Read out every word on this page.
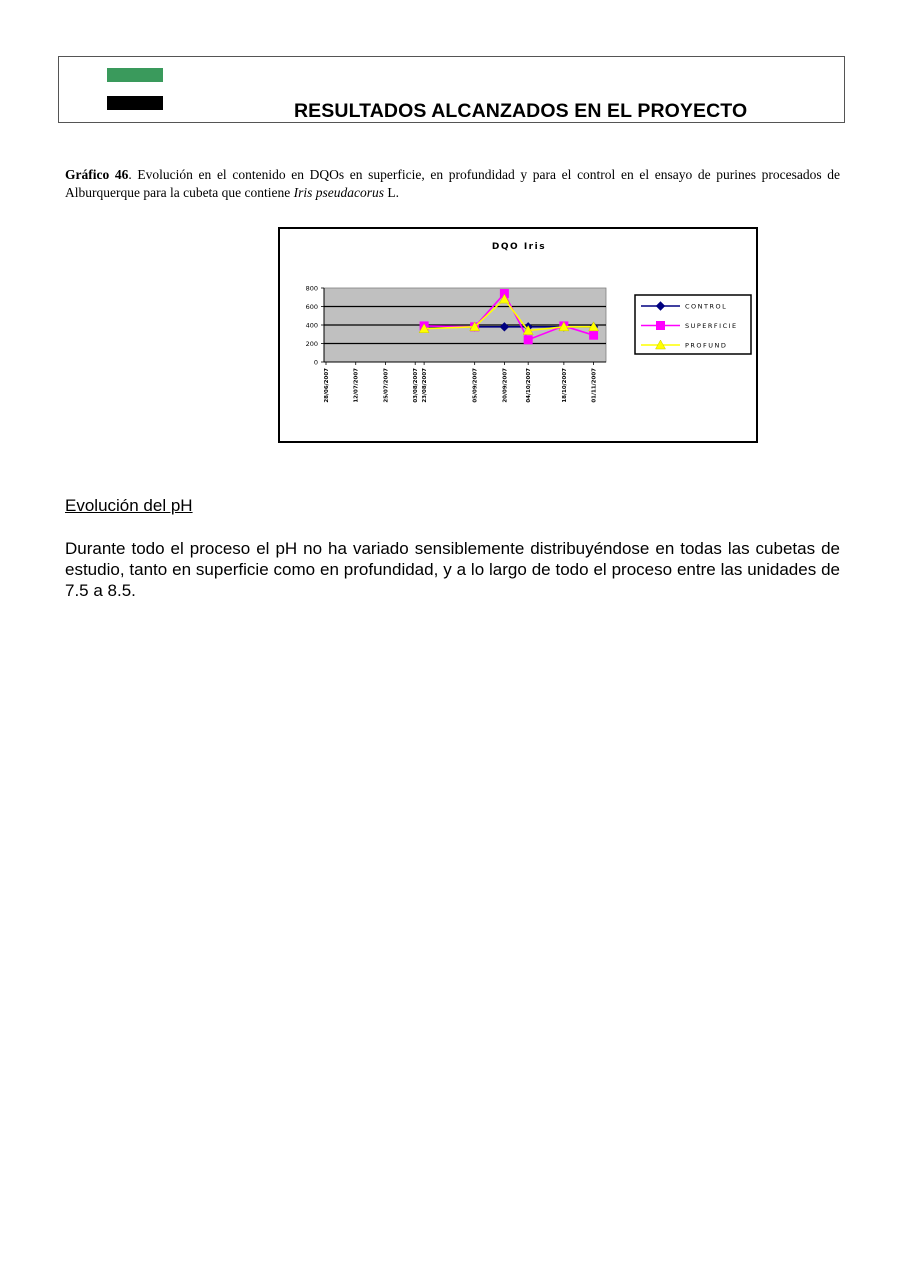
RESULTADOS ALCANZADOS EN EL PROYECTO
Gráfico 46. Evolución en el contenido en DQOs en superficie, en profundidad y para el control en el ensayo de purines procesados de Alburquerque para la cubeta que contiene Iris pseudacorus L.
DQO Iris
0
200
400
600
800
28/06/2007	12/07/2007	25/07/2007	03/08/2007 23/08/2007	05/09/2007	20/09/2007	04/10/2007	18/10/2007	01/11/2007
CONTROL
SUPERFICIE
PROFUND
Evolución del pH
Durante todo el proceso el pH no ha variado sensiblemente distribuyéndose en todas las cubetas de estudio, tanto en superficie como en profundidad, y a lo largo de todo el proceso entre las unidades de 7.5 a 8.5.
